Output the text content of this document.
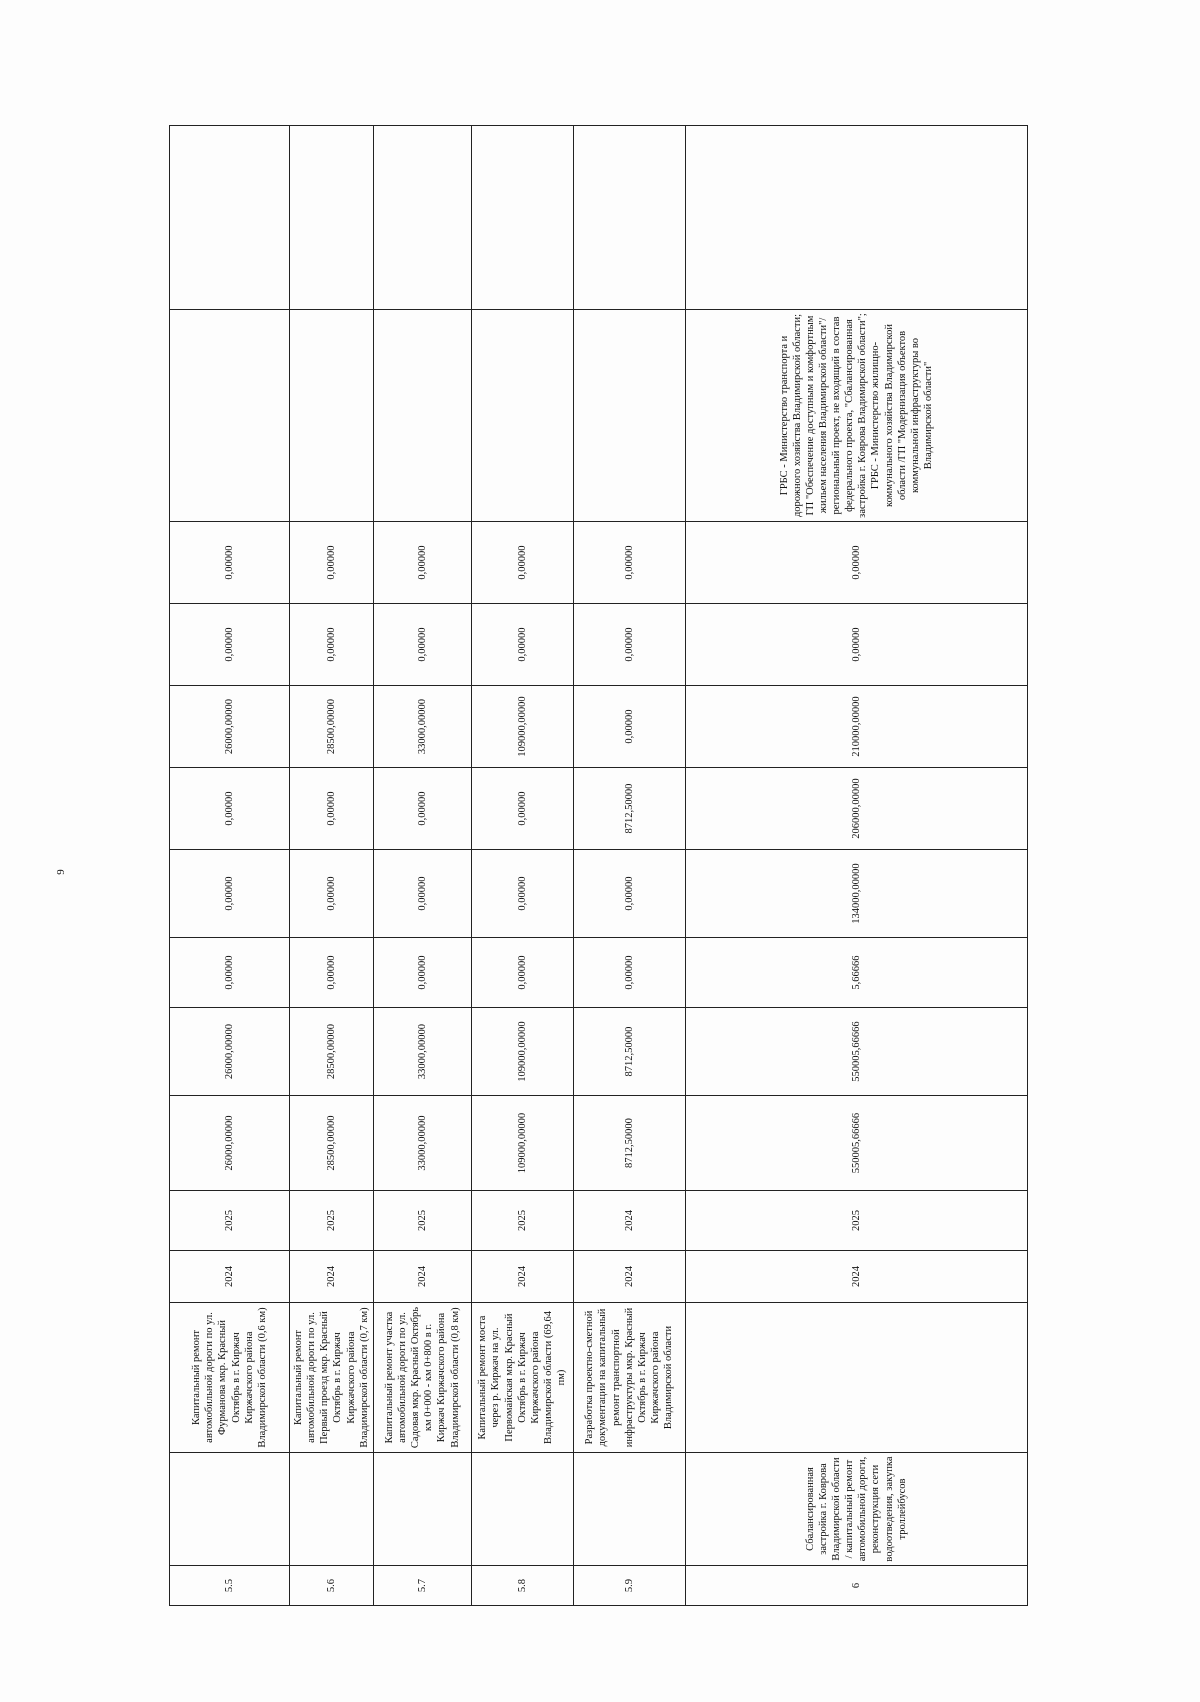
9
5.5		Капитальный ремонт автомобильной дороги по ул. Фурманова мкр. Красный Октябрь в г. Киржач Киржачского района Владимирской области (0,6 км)	2024	2025	26000,00000	26000,00000	0,00000	0,00000	0,00000	26000,00000	0,00000	0,00000		
5.6		Капитальный ремонт автомобильной дороги по ул. Первый проезд мкр. Красный Октябрь в г. Киржач Киржачского района Владимирской области (0,7 км)	2024	2025	28500,00000	28500,00000	0,00000	0,00000	0,00000	28500,00000	0,00000	0,00000		
5.7		Капитальный ремонт участка автомобильной дороги по ул. Садовая мкр. Красный Октябрь км 0+000 - км 0+800 в г. Киржач Киржачского района Владимирской области (0,8 км)	2024	2025	33000,00000	33000,00000	0,00000	0,00000	0,00000	33000,00000	0,00000	0,00000		
5.8		Капитальный ремонт моста через р. Киржач на ул. Первомайская мкр. Красный Октябрь в г. Киржач Киржачского района Владимирской области (69,64 пм)	2024	2025	109000,00000	109000,00000	0,00000	0,00000	0,00000	109000,00000	0,00000	0,00000		
5.9		Разработка проектно-сметной документации на капитальный ремонт транспортной инфраструктуры мкр. Красный Октябрь в г. Киржач Киржачского района Владимирской области	2024	2024	8712,50000	8712,50000	0,00000	0,00000	8712,50000	0,00000	0,00000	0,00000		
6	Сбалансированная застройка г. Коврова Владимирской области / капитальный ремонт автомобильной дороги, реконструкция сети водоотведения, закупка троллейбусов		2024	2025	550005,66666	550005,66666	5,66666	134000,00000	206000,00000	210000,00000	0,00000	0,00000	ГРБС - Министерство транспорта и дорожного хозяйства Владимирской области; ГП "Обеспечение доступным и комфортным жильем населения Владимирской области"/региональный проект, не входящий в состав федерального проекта, "Сбалансированная застройка г. Коврова Владимирской области"; ГРБС - Министерство жилищно-коммунального хозяйства Владимирской области /ГП "Модернизация объектов коммунальной инфраструктуры во Владимирской области"	
